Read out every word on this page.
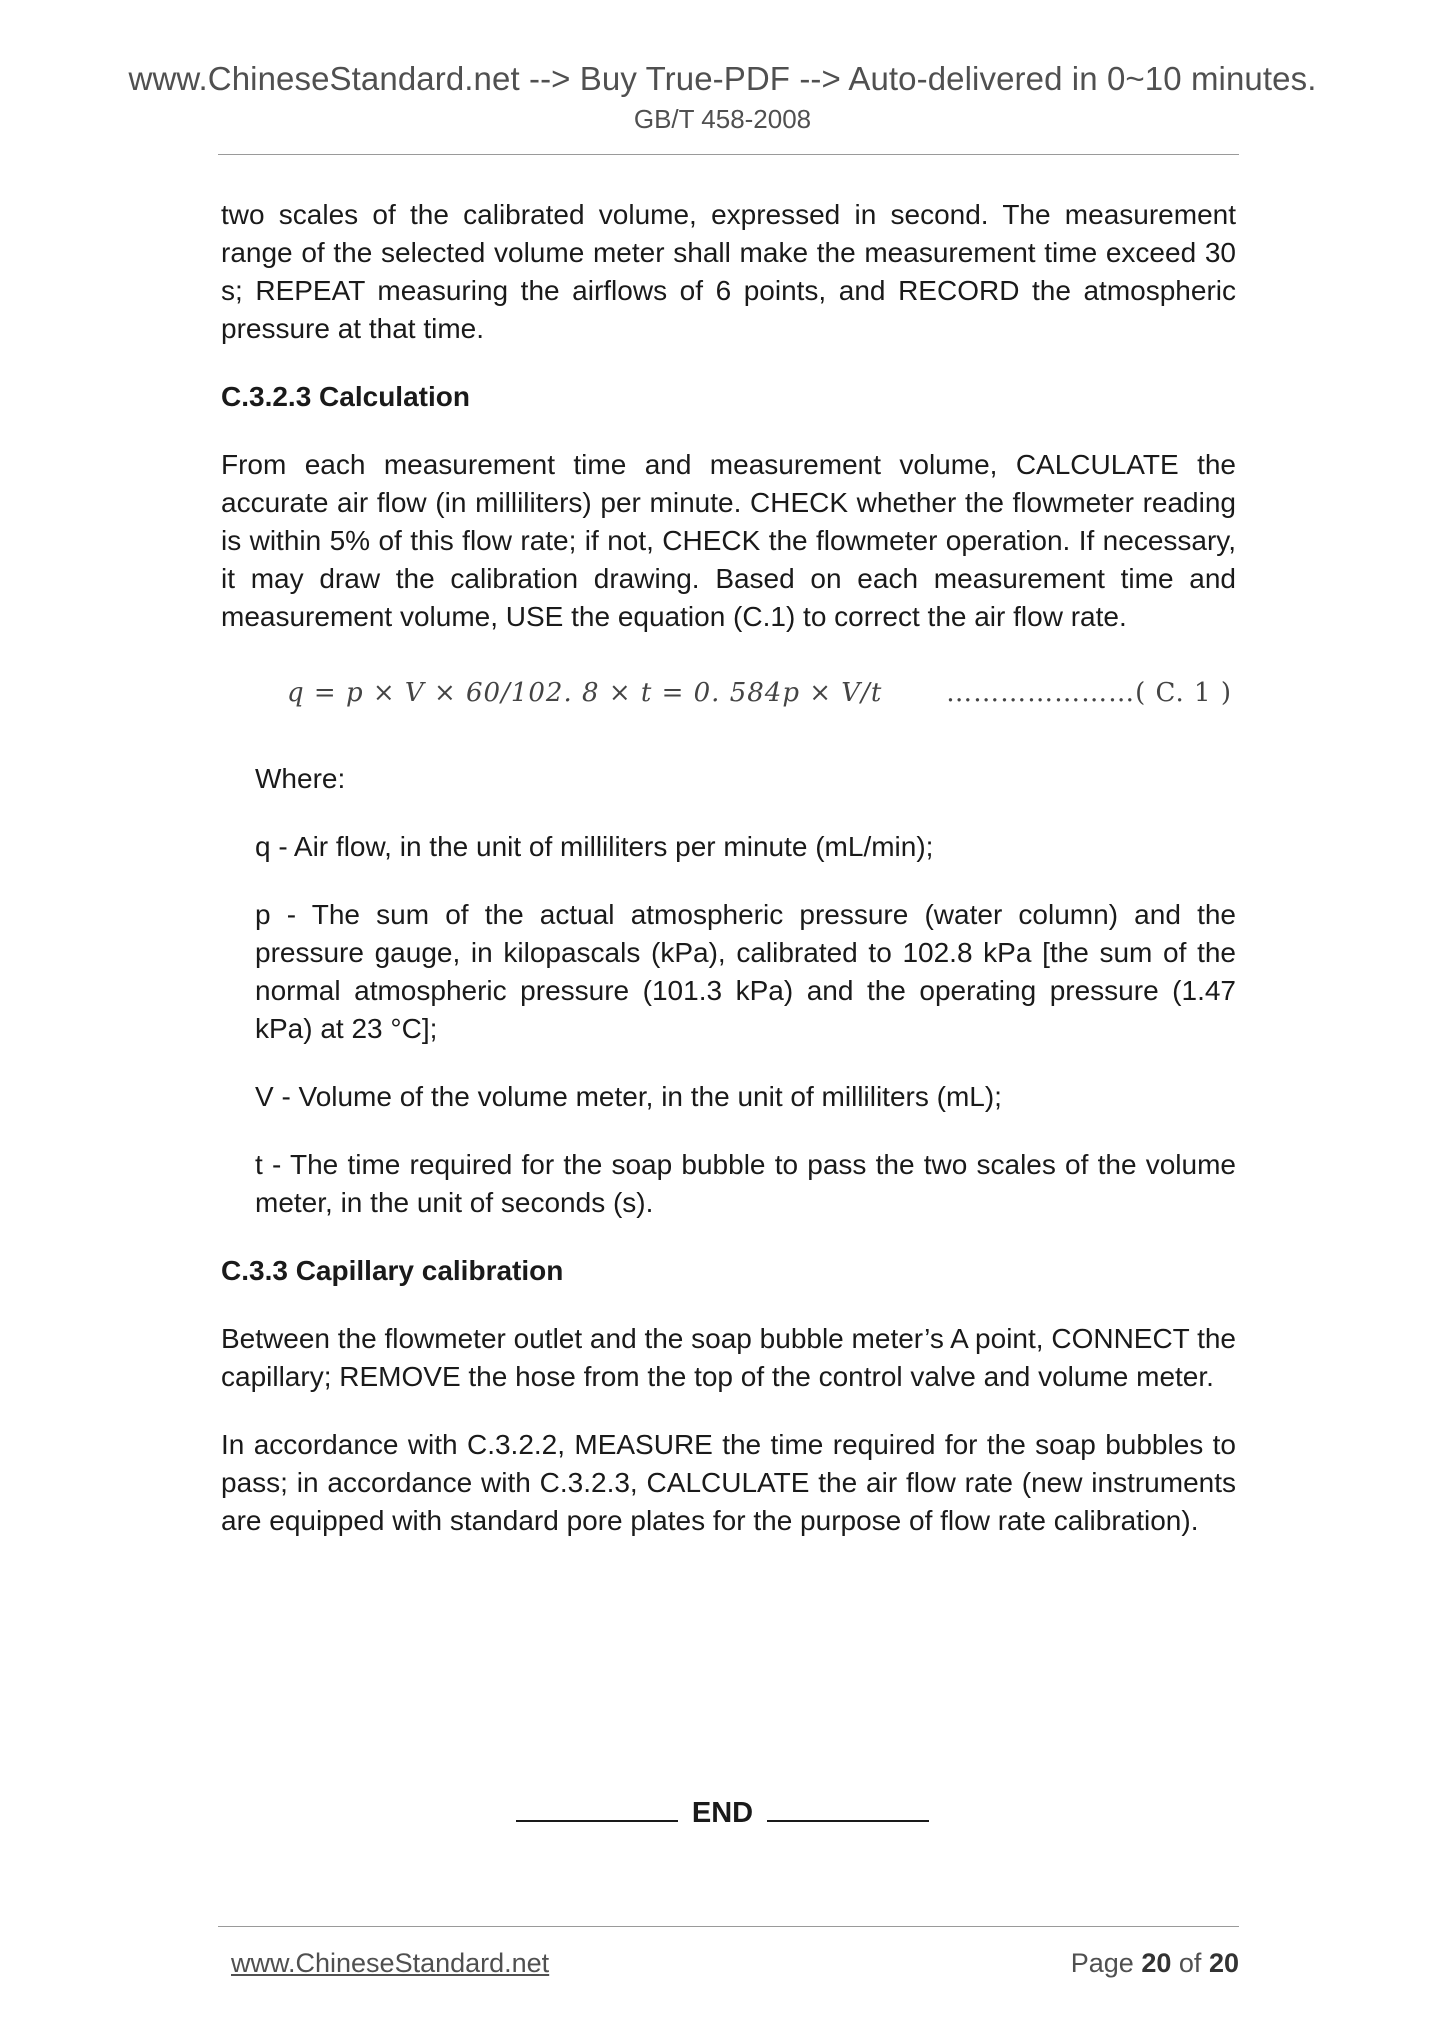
www.ChineseStandard.net --> Buy True-PDF --> Auto-delivered in 0~10 minutes.
GB/T 458-2008

two scales of the calibrated volume, expressed in second. The measurement range of the selected volume meter shall make the measurement time exceed 30 s; REPEAT measuring the airflows of 6 points, and RECORD the atmospheric pressure at that time.

C.3.2.3 Calculation

From each measurement time and measurement volume, CALCULATE the accurate air flow (in milliliters) per minute. CHECK whether the flowmeter reading is within 5% of this flow rate; if not, CHECK the flowmeter operation. If necessary, it may draw the calibration drawing. Based on each measurement time and measurement volume, USE the equation (C.1) to correct the air flow rate.

q = p × V × 60/102. 8 × t = 0. 584p × V/t …………………( C. 1 )

Where:

q - Air flow, in the unit of milliliters per minute (mL/min);

p - The sum of the actual atmospheric pressure (water column) and the pressure gauge, in kilopascals (kPa), calibrated to 102.8 kPa [the sum of the normal atmospheric pressure (101.3 kPa) and the operating pressure (1.47 kPa) at 23 °C];

V - Volume of the volume meter, in the unit of milliliters (mL);

t - The time required for the soap bubble to pass the two scales of the volume meter, in the unit of seconds (s).

C.3.3 Capillary calibration

Between the flowmeter outlet and the soap bubble meter’s A point, CONNECT the capillary; REMOVE the hose from the top of the control valve and volume meter.

In accordance with C.3.2.2, MEASURE the time required for the soap bubbles to pass; in accordance with C.3.2.3, CALCULATE the air flow rate (new instruments are equipped with standard pore plates for the purpose of flow rate calibration).

END
www.ChineseStandard.net	Page 20 of 20
